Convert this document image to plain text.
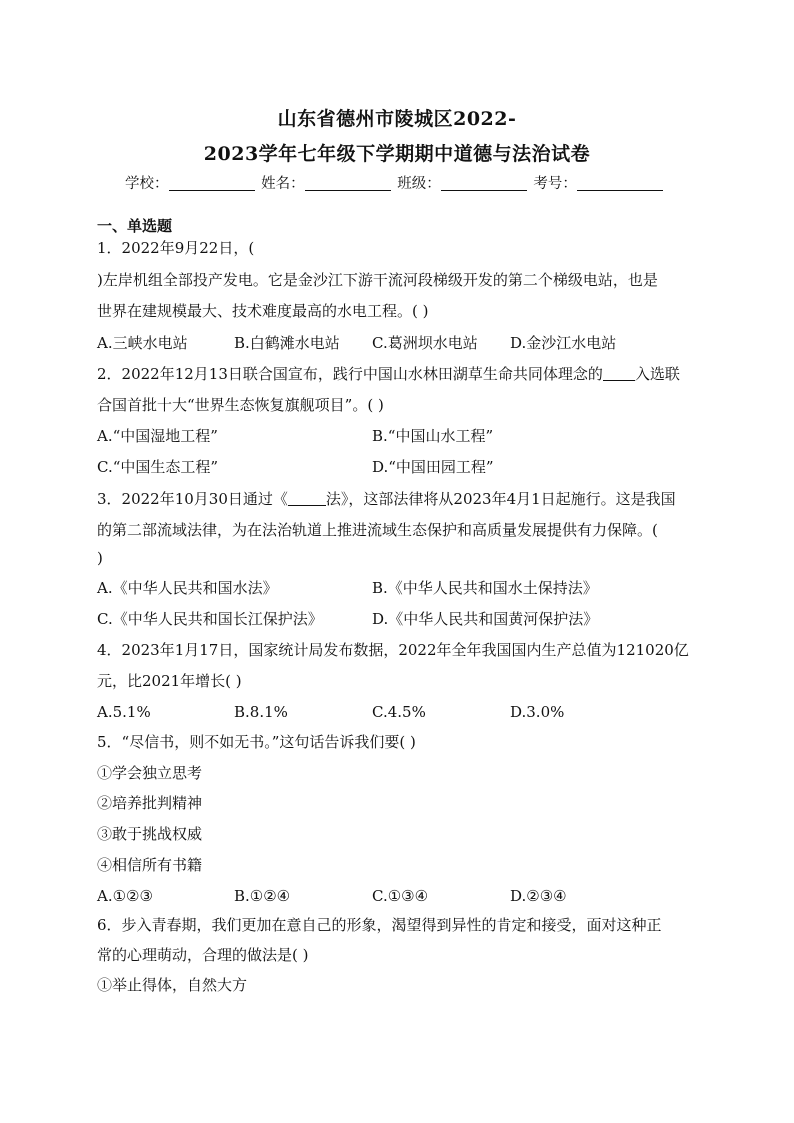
山东省德州市陵城区2022-
2023学年七年级下学期期中道德与法治试卷
学校：	姓名：	班级：	考号：
一、单选题
1．2022年9月22日，(
)左岸机组全部投产发电。它是金沙江下游干流河段梯级开发的第二个梯级电站，也是
世界在建规模最大、技术难度最高的水电工程。( )
A.三峡水电站	B.白鹤滩水电站 C.葛洲坝水电站 D.金沙江水电站
2．2022年12月13日联合国宣布，践行中国山水林田湖草生命共同体理念的 入选联
合国首批十大“世界生态恢复旗舰项目”。( )
A.“中国湿地工程”	B.“中国山水工程”
C.“中国生态工程”	D.“中国田园工程”
3．2022年10月30日通过《	法》，这部法律将从2023年4月1日起施行。这是我国
的第二部流域法律，为在法治轨道上推进流域生态保护和高质量发展提供有力保障。(
)
A.《中华人民共和国水法》	B.《中华人民共和国水土保持法》
C.《中华人民共和国长江保护法》	D.《中华人民共和国黄河保护法》
4．2023年1月17日，国家统计局发布数据，2022年全年我国国内生产总值为121020亿
元，比2021年增长( )
A.5.1%	B.8.1%	C.4.5%	D.3.0%
5．“尽信书，则不如无书。”这句话告诉我们要( )
①学会独立思考
②培养批判精神
③敢于挑战权威
④相信所有书籍
A.①②③	B.①②④	C.①③④	D.②③④
6．步入青春期，我们更加在意自己的形象，渴望得到异性的肯定和接受，面对这种正
常的心理萌动，合理的做法是( )
①举止得体，自然大方
